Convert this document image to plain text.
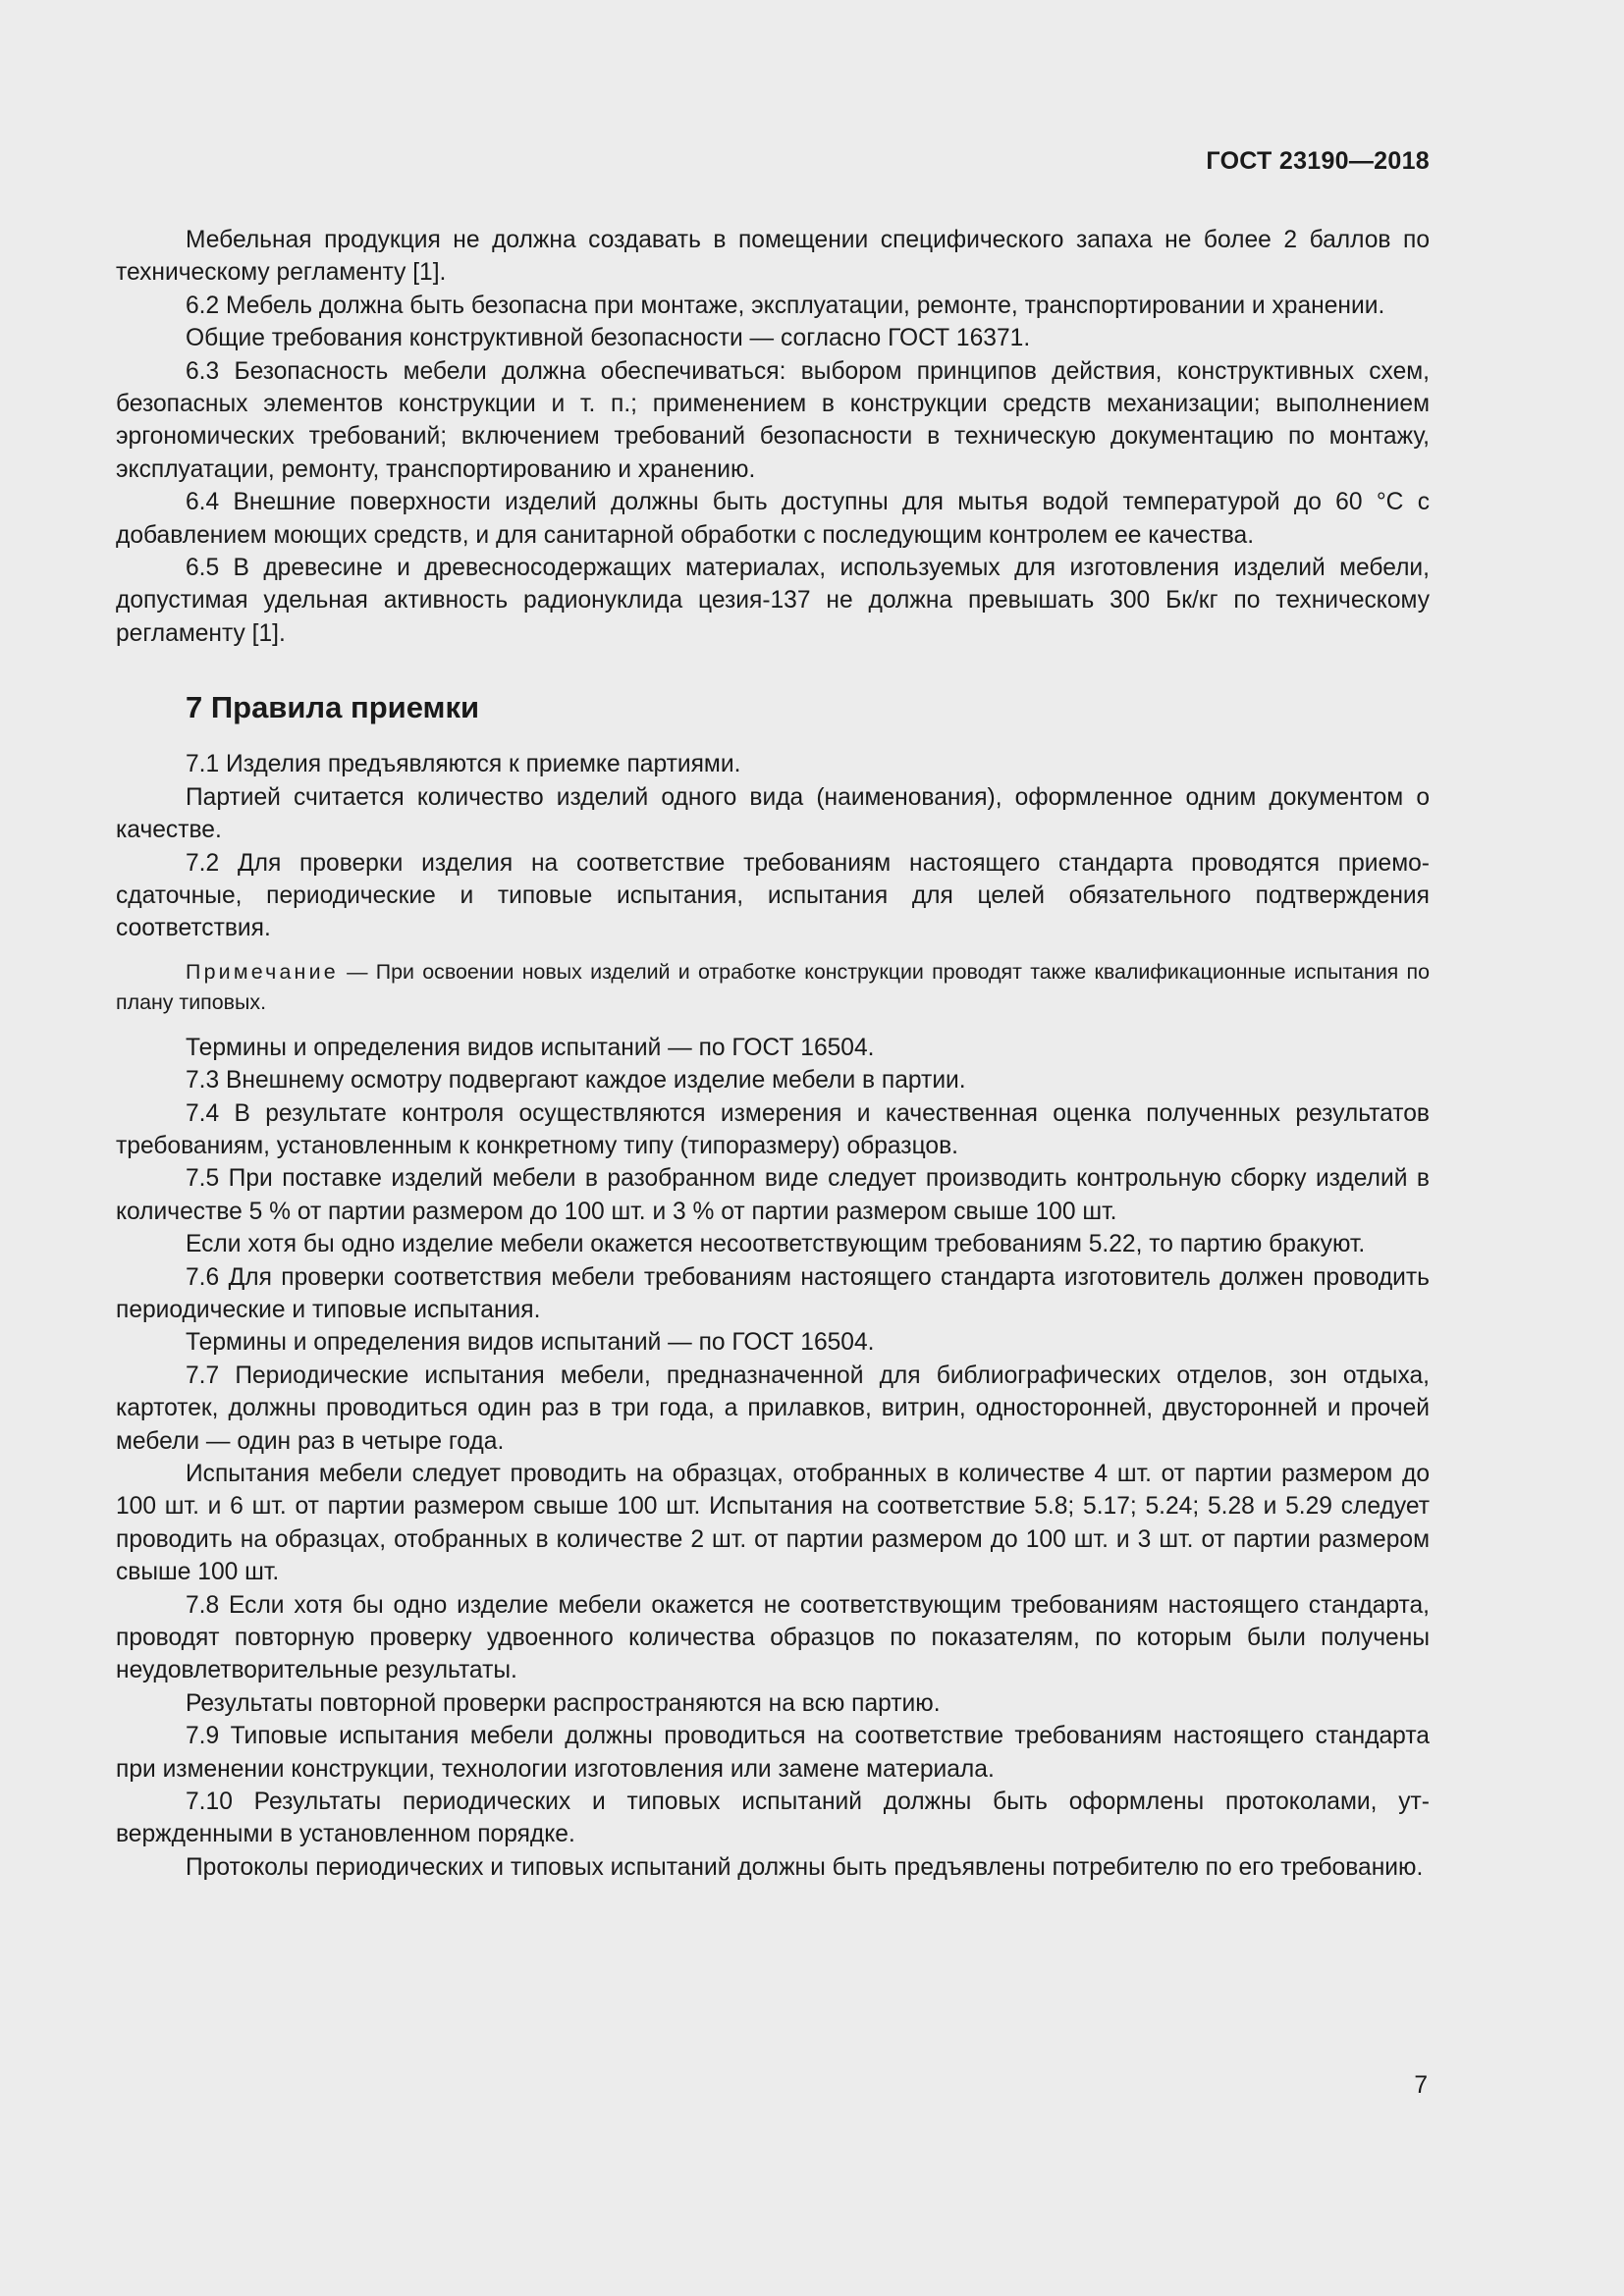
ГОСТ 23190—2018

Мебельная продукция не должна создавать в помещении специфического запаха не более 2 баллов по техническому регламенту [1].

6.2 Мебель должна быть безопасна при монтаже, эксплуатации, ремонте, транспортировании и хранении.

Общие требования конструктивной безопасности — согласно ГОСТ 16371.

6.3 Безопасность мебели должна обеспечиваться: выбором принципов действия, конструктивных схем, безопасных элементов конструкции и т. п.; применением в конструкции средств механизации; выполнением эргономических требований; включением требований безопасности в техническую документацию по монтажу, эксплуатации, ремонту, транспортированию и хранению.

6.4 Внешние поверхности изделий должны быть доступны для мытья водой температурой до 60 °С с добавлением моющих средств, и для санитарной обработки с последующим контролем ее качества.

6.5 В древесине и древесносодержащих материалах, используемых для изготовления изделий мебели, допустимая удельная активность радионуклида цезия-137 не должна превышать 300 Бк/кг по техническому регламенту [1].

7 Правила приемки

7.1 Изделия предъявляются к приемке партиями.

Партией считается количество изделий одного вида (наименования), оформленное одним документом о качестве.

7.2 Для проверки изделия на соответствие требованиям настоящего стандарта проводятся приемо-сдаточные, периодические и типовые испытания, испытания для целей обязательного подтверждения соответствия.

Примечание — При освоении новых изделий и отработке конструкции проводят также квалификационные испытания по плану типовых.

Термины и определения видов испытаний — по ГОСТ 16504.

7.3 Внешнему осмотру подвергают каждое изделие мебели в партии.

7.4 В результате контроля осуществляются измерения и качественная оценка полученных результатов требованиям, установленным к конкретному типу (типоразмеру) образцов.

7.5 При поставке изделий мебели в разобранном виде следует производить контрольную сборку изделий в количестве 5 % от партии размером до 100 шт. и 3 % от партии размером свыше 100 шт.

Если хотя бы одно изделие мебели окажется несоответствующим требованиям 5.22, то партию бракуют.

7.6 Для проверки соответствия мебели требованиям настоящего стандарта изготовитель должен проводить периодические и типовые испытания.

Термины и определения видов испытаний — по ГОСТ 16504.

7.7 Периодические испытания мебели, предназначенной для библиографических отделов, зон отдыха, картотек, должны проводиться один раз в три года, а прилавков, витрин, односторонней, двусторонней и прочей мебели — один раз в четыре года.

Испытания мебели следует проводить на образцах, отобранных в количестве 4 шт. от партии размером до 100 шт. и 6 шт. от партии размером свыше 100 шт. Испытания на соответствие 5.8; 5.17; 5.24; 5.28 и 5.29 следует проводить на образцах, отобранных в количестве 2 шт. от партии размером до 100 шт. и 3 шт. от партии размером свыше 100 шт.

7.8 Если хотя бы одно изделие мебели окажется не соответствующим требованиям настоящего стандарта, проводят повторную проверку удвоенного количества образцов по показателям, по которым были получены неудовлетворительные результаты.

Результаты повторной проверки распространяются на всю партию.

7.9 Типовые испытания мебели должны проводиться на соответствие требованиям настоящего стандарта при изменении конструкции, технологии изготовления или замене материала.

7.10 Результаты периодических и типовых испытаний должны быть оформлены протоколами, утвержденными в установленном порядке.

Протоколы периодических и типовых испытаний должны быть предъявлены потребителю по его требованию.

7
